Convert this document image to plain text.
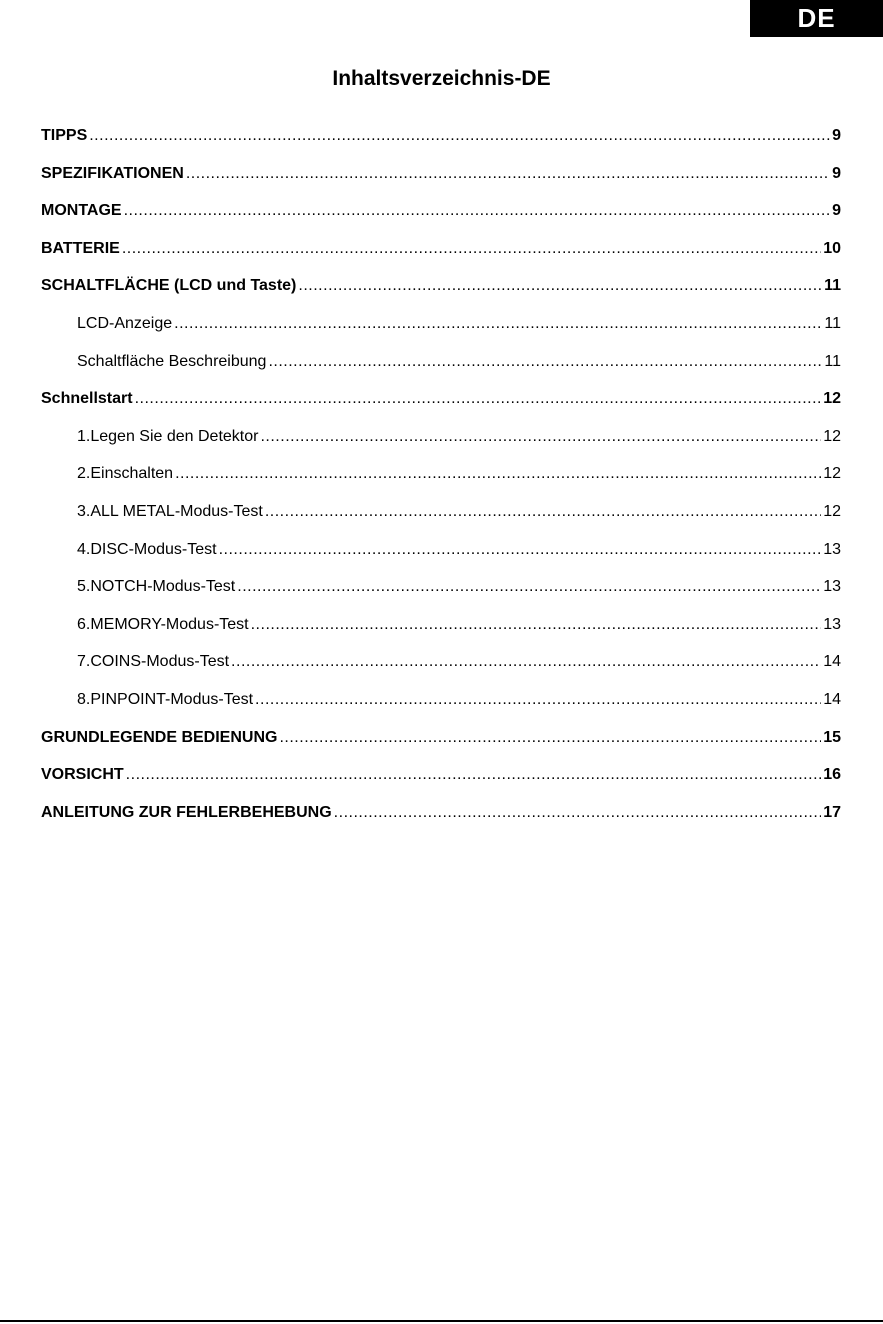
DE
Inhaltsverzeichnis-DE
TIPPS .....	9
SPEZIFIKATIONEN .....	9
MONTAGE .....	9
BATTERIE .....	10
SCHALTFLÄCHE (LCD und Taste) .....	11
LCD-Anzeige .....	11
Schaltfläche Beschreibung .....	11
Schnellstart .....	12
1.Legen Sie den Detektor .....	12
2.Einschalten .....	12
3.ALL METAL-Modus-Test .....	12
4.DISC-Modus-Test .....	13
5.NOTCH-Modus-Test .....	13
6.MEMORY-Modus-Test .....	13
7.COINS-Modus-Test .....	14
8.PINPOINT-Modus-Test .....	14
GRUNDLEGENDE BEDIENUNG .....	15
VORSICHT .....	16
ANLEITUNG ZUR FEHLERBEHEBUNG .....	17
